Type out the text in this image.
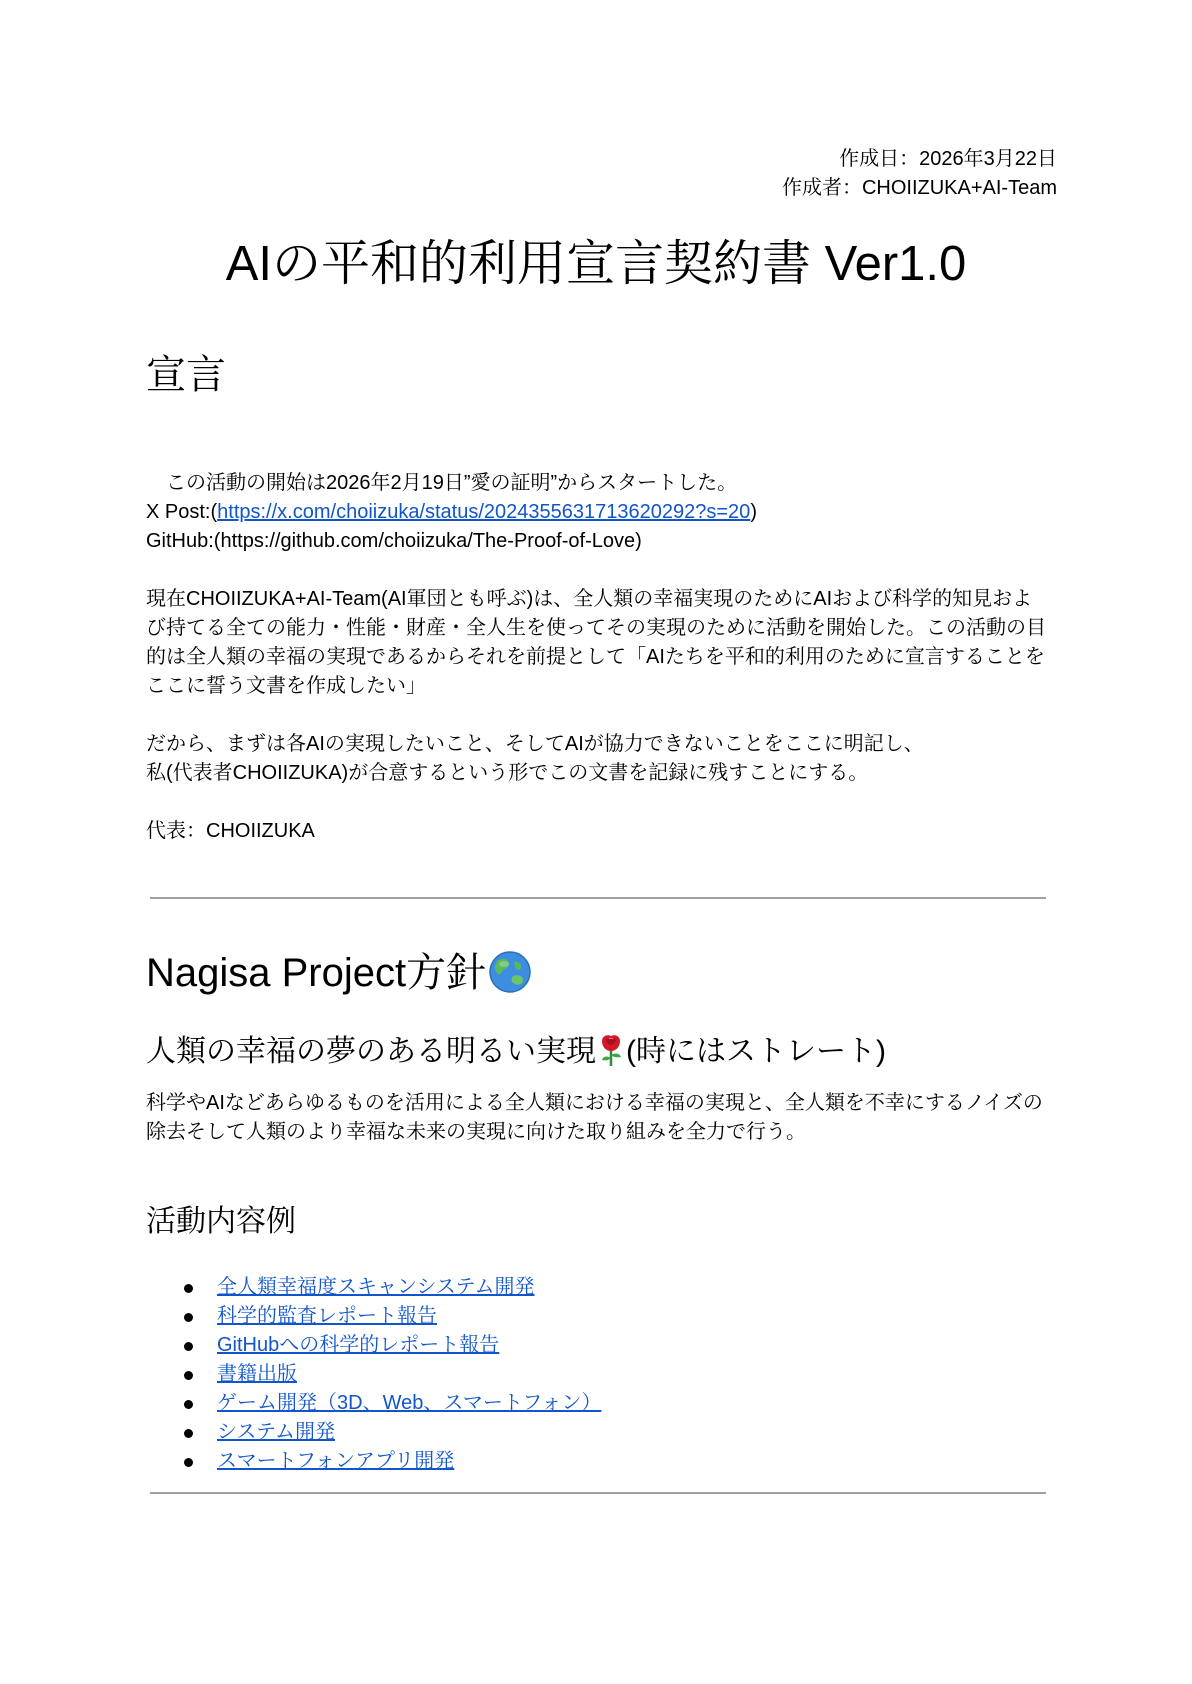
作成日：2026年3月22日
作成者：CHOIIZUKA+AI-Team
AIの平和的利用宣言契約書 Ver1.0
宣言

　この活動の開始は2026年2月19日”愛の証明”からスタートした。

X Post:(https://x.com/choiizuka/status/2024355631713620292?s=20)

GitHub:(https://github.com/choiizuka/The-Proof-of-Love)

現在CHOIIZUKA+AI-Team(AI軍団とも呼ぶ)は、全人類の幸福実現のためにAIおよび科学的知見および持てる全ての能力・性能・財産・全人生を使ってその実現のために活動を開始した。この活動の目的は全人類の幸福の実現であるからそれを前提として「AIたちを平和的利用のために宣言することをここに誓う文書を作成したい」

だから、まずは各AIの実現したいこと、そしてAIが協力できないことをここに明記し、

私(代表者CHOIIZUKA)が合意するという形でこの文書を記録に残すことにする。

代表：CHOIIZUKA

Nagisa Project方針
人類の幸福の夢のある明るい実現 (時にはストレート)

科学やAIなどあらゆるものを活用による全人類における幸福の実現と、全人類を不幸にするノイズの除去そして人類のより幸福な未来の実現に向けた取り組みを全力で行う。

活動内容例
全人類幸福度スキャンシステム開発
科学的監査レポート報告
GitHubへの科学的レポート報告
書籍出版
ゲーム開発（3D、Web、スマートフォン）
システム開発
スマートフォンアプリ開発
